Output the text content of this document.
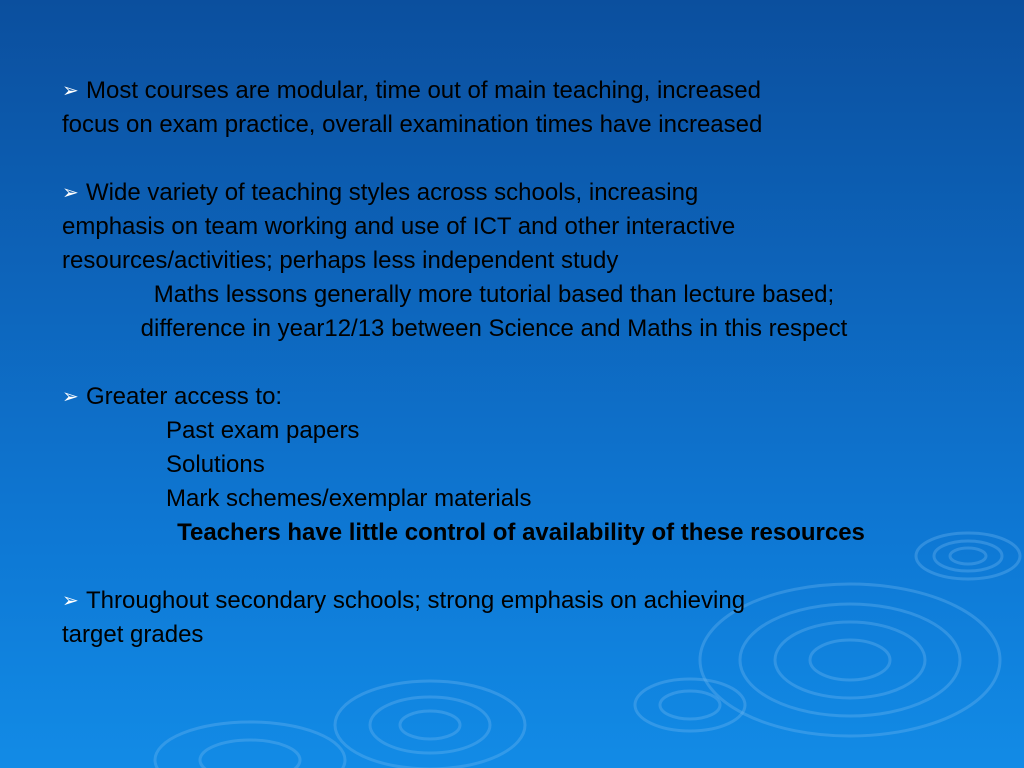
➢ Most courses are modular, time out of main teaching, increased
focus on exam practice, overall examination times have increased

➢ Wide variety of teaching styles across schools, increasing
emphasis on team working and use of ICT and other interactive
resources/activities; perhaps less independent study

Maths lessons generally more tutorial based than lecture based;
difference in year12/13 between Science and Maths in this respect

➢ Greater access to:

Past exam papers

Solutions

Mark schemes/exemplar materials

Teachers have little control of availability of these resources

➢ Throughout secondary schools; strong emphasis on achieving
target grades
